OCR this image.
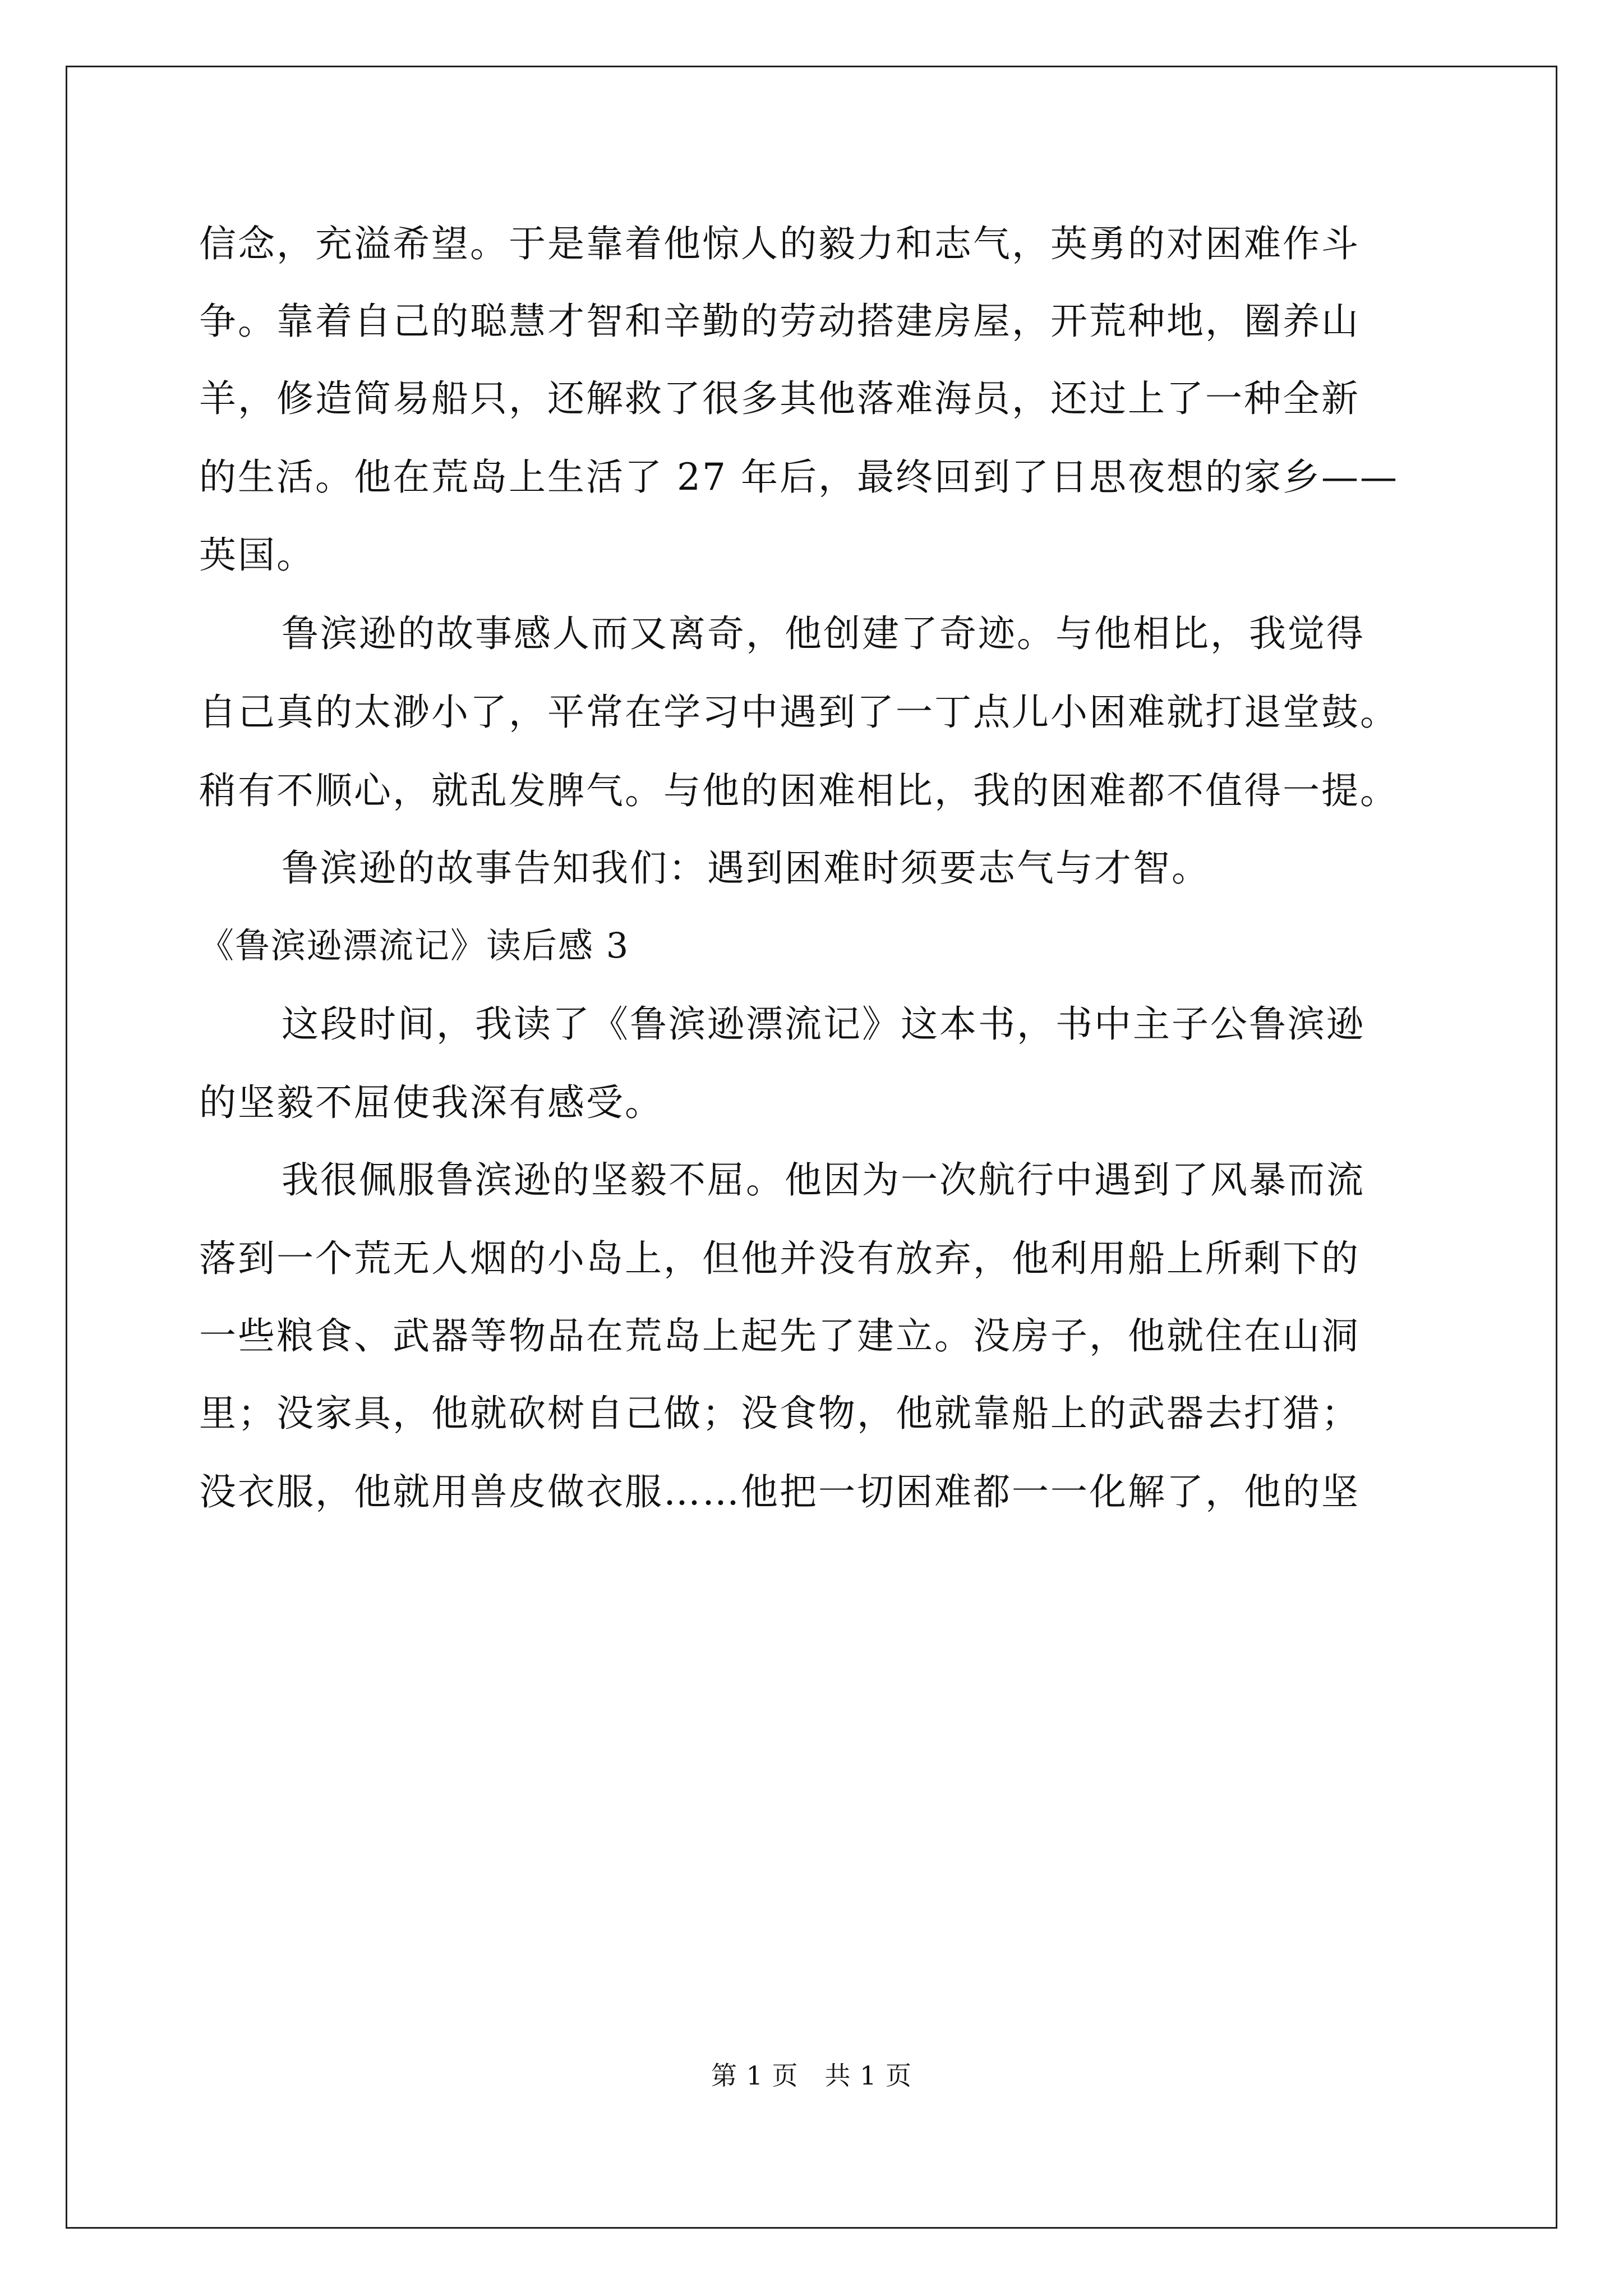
信念，充溢希望。于是靠着他惊人的毅力和志气，英勇的对困难作斗
争。靠着自己的聪慧才智和辛勤的劳动搭建房屋，开荒种地，圈养山
羊，修造简易船只，还解救了很多其他落难海员，还过上了一种全新
的生活。他在荒岛上生活了 27 年后，最终回到了日思夜想的家乡——
英国。
鲁滨逊的故事感人而又离奇，他创建了奇迹。与他相比，我觉得
自己真的太渺小了，平常在学习中遇到了一丁点儿小困难就打退堂鼓。
稍有不顺心，就乱发脾气。与他的困难相比，我的困难都不值得一提。
鲁滨逊的故事告知我们：遇到困难时须要志气与才智。
《鲁滨逊漂流记》读后感 3
这段时间，我读了《鲁滨逊漂流记》这本书，书中主子公鲁滨逊
的坚毅不屈使我深有感受。
我很佩服鲁滨逊的坚毅不屈。他因为一次航行中遇到了风暴而流
落到一个荒无人烟的小岛上，但他并没有放弃，他利用船上所剩下的
一些粮食、武器等物品在荒岛上起先了建立。没房子，他就住在山洞
里；没家具，他就砍树自己做；没食物，他就靠船上的武器去打猎；
没衣服，他就用兽皮做衣服……他把一切困难都一一化解了，他的坚
第 1 页　共 1 页
